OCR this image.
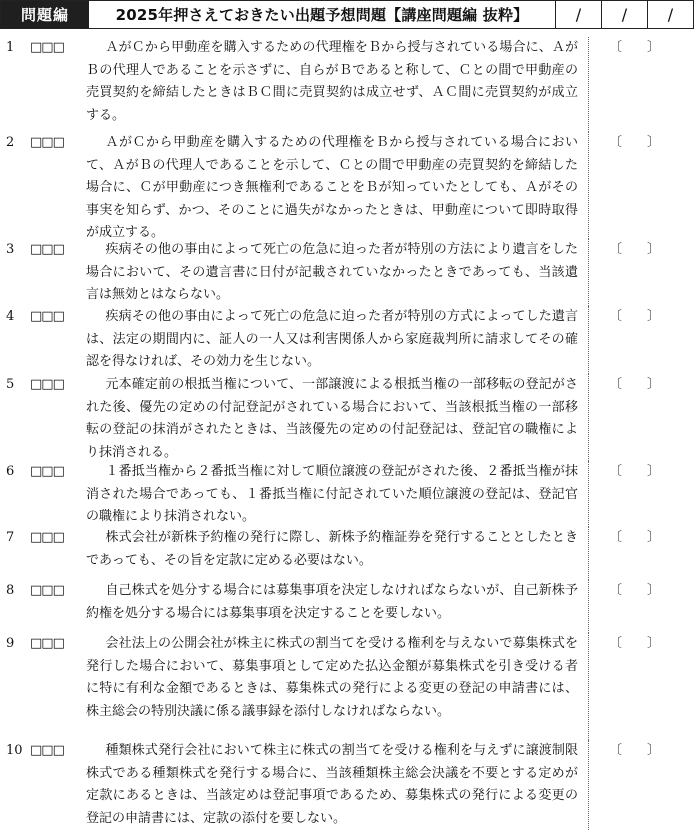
問題編	2025年押さえておきたい出題予想問題【講座問題編 抜粋】	/	/	/
1	□□□	ＡがＣから甲動産を購入するための代理権をＢから授与されている場合に、ＡがＢの代理人であることを示さずに、自らがＢであると称して、Ｃとの間で甲動産の売買契約を締結したときはＢＣ間に売買契約は成立せず、ＡＣ間に売買契約が成立する。
〔 〕
2	□□□	ＡがＣから甲動産を購入するための代理権をＢから授与されている場合において、ＡがＢの代理人であることを示して、Ｃとの間で甲動産の売買契約を締結した場合に、Ｃが甲動産につき無権利であることをＢが知っていたとしても、Ａがその事実を知らず、かつ、そのことに過失がなかったときは、甲動産について即時取得が成立する。
〔 〕
3	□□□	疾病その他の事由によって死亡の危急に迫った者が特別の方法により遺言をした場合において、その遺言書に日付が記載されていなかったときであっても、当該遺言は無効とはならない。
〔 〕
4	□□□	疾病その他の事由によって死亡の危急に迫った者が特別の方式によってした遺言は、法定の期間内に、証人の一人又は利害関係人から家庭裁判所に請求してその確認を得なければ、その効力を生じない。
〔 〕
5	□□□	元本確定前の根抵当権について、一部譲渡による根抵当権の一部移転の登記がされた後、優先の定めの付記登記がされている場合において、当該根抵当権の一部移転の登記の抹消がされたときは、当該優先の定めの付記登記は、登記官の職権により抹消される。
〔 〕
6	□□□	１番抵当権から２番抵当権に対して順位譲渡の登記がされた後、２番抵当権が抹消された場合であっても、１番抵当権に付記されていた順位譲渡の登記は、登記官の職権により抹消されない。
〔 〕
7	□□□	株式会社が新株予約権の発行に際し、新株予約権証券を発行することとしたときであっても、その旨を定款に定める必要はない。
〔 〕
8	□□□	自己株式を処分する場合には募集事項を決定しなければならないが、自己新株予約権を処分する場合には募集事項を決定することを要しない。
〔 〕
9	□□□	会社法上の公開会社が株主に株式の割当てを受ける権利を与えないで募集株式を発行した場合において、募集事項として定めた払込金額が募集株式を引き受ける者に特に有利な金額であるときは、募集株式の発行による変更の登記の申請書には、株主総会の特別決議に係る議事録を添付しなければならない。
〔 〕
10 □□□	種類株式発行会社において株主に株式の割当てを受ける権利を与えずに譲渡制限株式である種類株式を発行する場合に、当該種類株主総会決議を不要とする定めが定款にあるときは、当該定めは登記事項であるため、募集株式の発行による変更の登記の申請書には、定款の添付を要しない。
〔 〕
